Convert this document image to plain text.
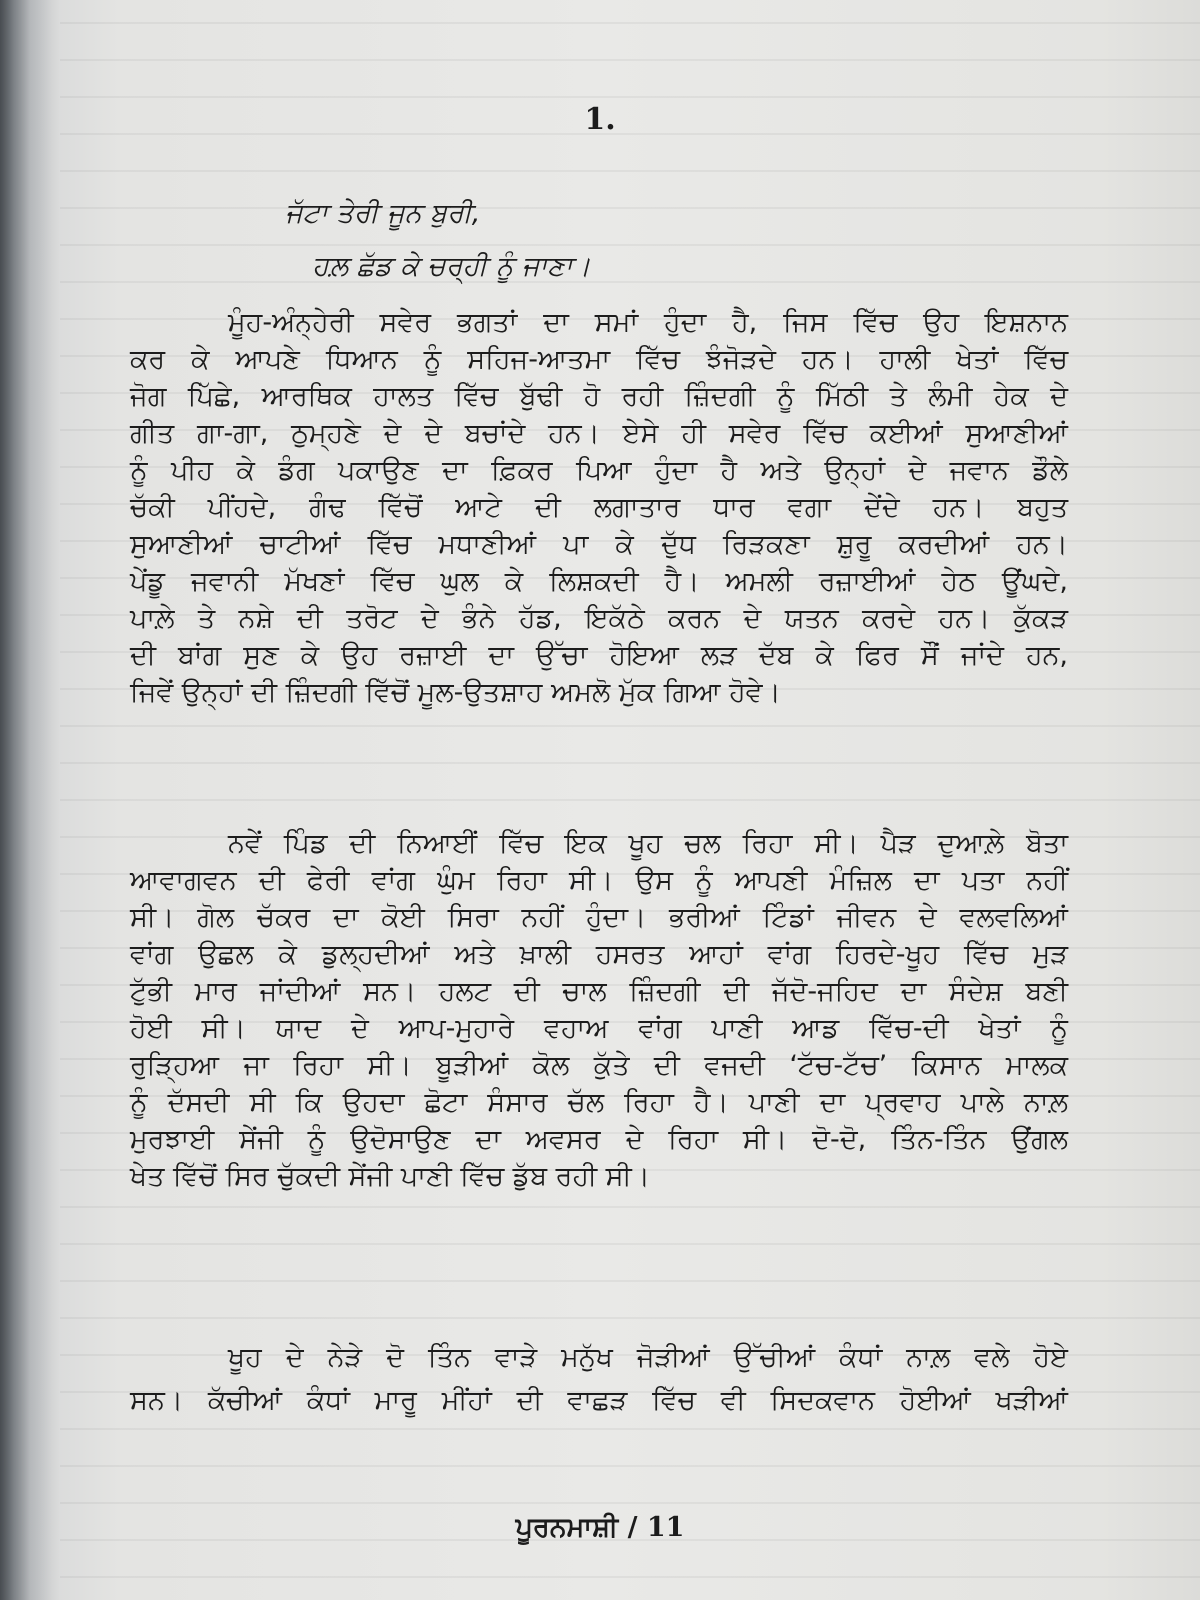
1.
ਜੱਟਾ ਤੇਰੀ ਜੂਨ ਬੁਰੀ,
ਹਲ਼ ਛੱਡ ਕੇ ਚਰ੍ਹੀ ਨੂੰ ਜਾਣਾ।
ਮੂੰਹ-ਅੰਨ੍ਹੇਰੀ ਸਵੇਰ ਭਗਤਾਂ ਦਾ ਸਮਾਂ ਹੁੰਦਾ ਹੈ, ਜਿਸ ਵਿੱਚ ਉਹ ਇਸ਼ਨਾਨ
ਕਰ ਕੇ ਆਪਣੇ ਧਿਆਨ ਨੂੰ ਸਹਿਜ-ਆਤਮਾ ਵਿੱਚ ਝੰਜੋੜਦੇ ਹਨ। ਹਾਲੀ ਖੇਤਾਂ ਵਿੱਚ
ਜੋਗ ਪਿੱਛੇ, ਆਰਥਿਕ ਹਾਲਤ ਵਿੱਚ ਬੁੱਢੀ ਹੋ ਰਹੀ ਜ਼ਿੰਦਗੀ ਨੂੰ ਮਿੱਠੀ ਤੇ ਲੰਮੀ ਹੇਕ ਦੇ
ਗੀਤ ਗਾ-ਗਾ, ਠੁਮ੍ਹਣੇ ਦੇ ਦੇ ਬਚਾਂਦੇ ਹਨ। ਏਸੇ ਹੀ ਸਵੇਰ ਵਿੱਚ ਕਈਆਂ ਸੁਆਣੀਆਂ
ਨੂੰ ਪੀਹ ਕੇ ਡੰਗ ਪਕਾਉਣ ਦਾ ਫ਼ਿਕਰ ਪਿਆ ਹੁੰਦਾ ਹੈ ਅਤੇ ਉਨ੍ਹਾਂ ਦੇ ਜਵਾਨ ਡੌਲੇ
ਚੱਕੀ ਪੀਂਹਦੇ, ਗੰਢ ਵਿੱਚੋਂ ਆਟੇ ਦੀ ਲਗਾਤਾਰ ਧਾਰ ਵਗਾ ਦੇਂਦੇ ਹਨ। ਬਹੁਤ
ਸੁਆਣੀਆਂ ਚਾਟੀਆਂ ਵਿੱਚ ਮਧਾਣੀਆਂ ਪਾ ਕੇ ਦੁੱਧ ਰਿੜਕਣਾ ਸ਼ੁਰੂ ਕਰਦੀਆਂ ਹਨ।
ਪੇਂਡੂ ਜਵਾਨੀ ਮੱਖਣਾਂ ਵਿੱਚ ਘੁਲ ਕੇ ਲਿਸ਼ਕਦੀ ਹੈ। ਅਮਲੀ ਰਜ਼ਾਈਆਂ ਹੇਠ ਊਂਘਦੇ,
ਪਾਲ਼ੇ ਤੇ ਨਸ਼ੇ ਦੀ ਤਰੋਟ ਦੇ ਭੰਨੇ ਹੱਡ, ਇਕੱਠੇ ਕਰਨ ਦੇ ਯਤਨ ਕਰਦੇ ਹਨ। ਕੁੱਕੜ
ਦੀ ਬਾਂਗ ਸੁਣ ਕੇ ਉਹ ਰਜ਼ਾਈ ਦਾ ਉੱਚਾ ਹੋਇਆ ਲੜ ਦੱਬ ਕੇ ਫਿਰ ਸੌਂ ਜਾਂਦੇ ਹਨ,
ਜਿਵੇਂ ਉਨ੍ਹਾਂ ਦੀ ਜ਼ਿੰਦਗੀ ਵਿੱਚੋਂ ਮੂਲ-ਉਤਸ਼ਾਹ ਅਮਲੋ ਮੁੱਕ ਗਿਆ ਹੋਵੇ।
ਨਵੇਂ ਪਿੰਡ ਦੀ ਨਿਆਈਂ ਵਿੱਚ ਇਕ ਖੂਹ ਚਲ ਰਿਹਾ ਸੀ। ਪੈੜ ਦੁਆਲ਼ੇ ਬੋਤਾ
ਆਵਾਗਵਨ ਦੀ ਫੇਰੀ ਵਾਂਗ ਘੁੰਮ ਰਿਹਾ ਸੀ। ਉਸ ਨੂੰ ਆਪਣੀ ਮੰਜ਼ਿਲ ਦਾ ਪਤਾ ਨਹੀਂ
ਸੀ। ਗੋਲ ਚੱਕਰ ਦਾ ਕੋਈ ਸਿਰਾ ਨਹੀਂ ਹੁੰਦਾ। ਭਰੀਆਂ ਟਿੰਡਾਂ ਜੀਵਨ ਦੇ ਵਲਵਲਿਆਂ
ਵਾਂਗ ਉਛਲ ਕੇ ਡੁਲ੍ਹਦੀਆਂ ਅਤੇ ਖ਼ਾਲੀ ਹਸਰਤ ਆਹਾਂ ਵਾਂਗ ਹਿਰਦੇ-ਖੂਹ ਵਿੱਚ ਮੁੜ
ਟੁੱਭੀ ਮਾਰ ਜਾਂਦੀਆਂ ਸਨ। ਹਲਟ ਦੀ ਚਾਲ ਜ਼ਿੰਦਗੀ ਦੀ ਜੱਦੋ-ਜਹਿਦ ਦਾ ਸੰਦੇਸ਼ ਬਣੀ
ਹੋਈ ਸੀ। ਯਾਦ ਦੇ ਆਪ-ਮੁਹਾਰੇ ਵਹਾਅ ਵਾਂਗ ਪਾਣੀ ਆਡ ਵਿੱਚ-ਦੀ ਖੇਤਾਂ ਨੂੰ
ਰੁੜ੍ਹਿਆ ਜਾ ਰਿਹਾ ਸੀ। ਬੂੜੀਆਂ ਕੋਲ ਕੁੱਤੇ ਦੀ ਵਜਦੀ ‘ਟੱਚ-ਟੱਚ’ ਕਿਸਾਨ ਮਾਲਕ
ਨੂੰ ਦੱਸਦੀ ਸੀ ਕਿ ਉਹਦਾ ਛੋਟਾ ਸੰਸਾਰ ਚੱਲ ਰਿਹਾ ਹੈ। ਪਾਣੀ ਦਾ ਪ੍ਰਵਾਹ ਪਾਲੇ ਨਾਲ਼
ਮੁਰਝਾਈ ਸੇਂਜੀ ਨੂੰ ਉਦੋਸਾਉਣ ਦਾ ਅਵਸਰ ਦੇ ਰਿਹਾ ਸੀ। ਦੋ-ਦੋ, ਤਿੰਨ-ਤਿੰਨ ਉਂਗਲ
ਖੇਤ ਵਿੱਚੋਂ ਸਿਰ ਚੁੱਕਦੀ ਸੇਂਜੀ ਪਾਣੀ ਵਿੱਚ ਡੁੱਬ ਰਹੀ ਸੀ।
ਖੂਹ ਦੇ ਨੇੜੇ ਦੋ ਤਿੰਨ ਵਾੜੇ ਮਨੁੱਖ ਜੋੜੀਆਂ ਉੱਚੀਆਂ ਕੰਧਾਂ ਨਾਲ਼ ਵਲੇ ਹੋਏ
ਸਨ। ਕੱਚੀਆਂ ਕੰਧਾਂ ਮਾਰੂ ਮੀਂਹਾਂ ਦੀ ਵਾਛੜ ਵਿੱਚ ਵੀ ਸਿਦਕਵਾਨ ਹੋਈਆਂ ਖੜੀਆਂ
ਪੂਰਨਮਾਸ਼ੀ / 11
